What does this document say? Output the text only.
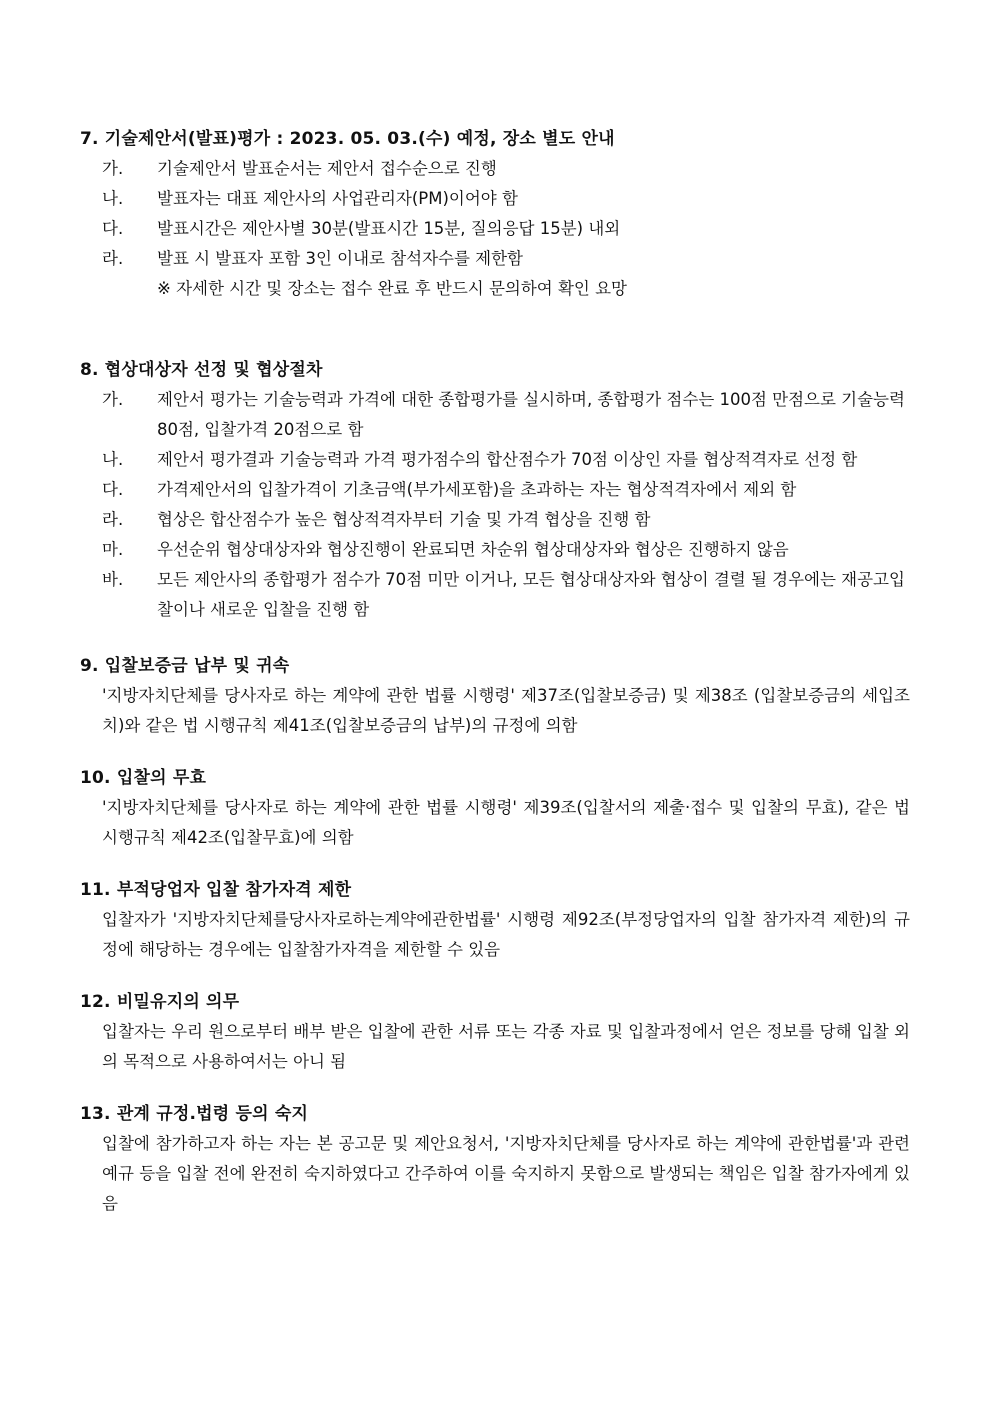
7. 기술제안서(발표)평가 : 2023. 05. 03.(수) 예정, 장소 별도 안내
가.	기술제안서 발표순서는 제안서 접수순으로 진행
나.	발표자는 대표 제안사의 사업관리자(PM)이어야 함
다.	발표시간은 제안사별 30분(발표시간 15분, 질의응답 15분) 내외
라.	발표 시 발표자 포함 3인 이내로 참석자수를 제한함
※ 자세한 시간 및 장소는 접수 완료 후 반드시 문의하여 확인 요망
8. 협상대상자 선정 및 협상절차
가.	제안서 평가는 기술능력과 가격에 대한 종합평가를 실시하며, 종합평가 점수는 100점 만점으로 기술능력 80점, 입찰가격 20점으로 함
나.	제안서 평가결과 기술능력과 가격 평가점수의 합산점수가 70점 이상인 자를 협상적격자로 선정 함
다.	가격제안서의 입찰가격이 기초금액(부가세포함)을 초과하는 자는 협상적격자에서 제외 함
라.	협상은 합산점수가 높은 협상적격자부터 기술 및 가격 협상을 진행 함
마.	우선순위 협상대상자와 협상진행이 완료되면 차순위 협상대상자와 협상은 진행하지 않음
바.	모든 제안사의 종합평가 점수가 70점 미만 이거나, 모든 협상대상자와 협상이 결렬 될 경우에는 재공고입찰이나 새로운 입찰을 진행 함
9. 입찰보증금 납부 및 귀속
'지방자치단체를 당사자로 하는 계약에 관한 법률 시행령' 제37조(입찰보증금) 및 제38조 (입찰보증금의 세입조치)와 같은 법 시행규칙 제41조(입찰보증금의 납부)의 규정에 의함
10. 입찰의 무효
'지방자치단체를 당사자로 하는 계약에 관한 법률 시행령' 제39조(입찰서의 제출·접수 및 입찰의 무효), 같은 법 시행규칙 제42조(입찰무효)에 의함
11. 부적당업자 입찰 참가자격 제한
입찰자가 '지방자치단체를당사자로하는계약에관한법률' 시행령 제92조(부정당업자의 입찰 참가자격 제한)의 규정에 해당하는 경우에는 입찰참가자격을 제한할 수 있음
12. 비밀유지의 의무
입찰자는 우리 원으로부터 배부 받은 입찰에 관한 서류 또는 각종 자료 및 입찰과정에서 얻은 정보를 당해 입찰 외의 목적으로 사용하여서는 아니 됨
13. 관계 규정.법령 등의 숙지
입찰에 참가하고자 하는 자는 본 공고문 및 제안요청서, '지방자치단체를 당사자로 하는 계약에 관한법률'과 관련 예규 등을 입찰 전에 완전히 숙지하였다고 간주하여 이를 숙지하지 못함으로 발생되는 책임은 입찰 참가자에게 있음
